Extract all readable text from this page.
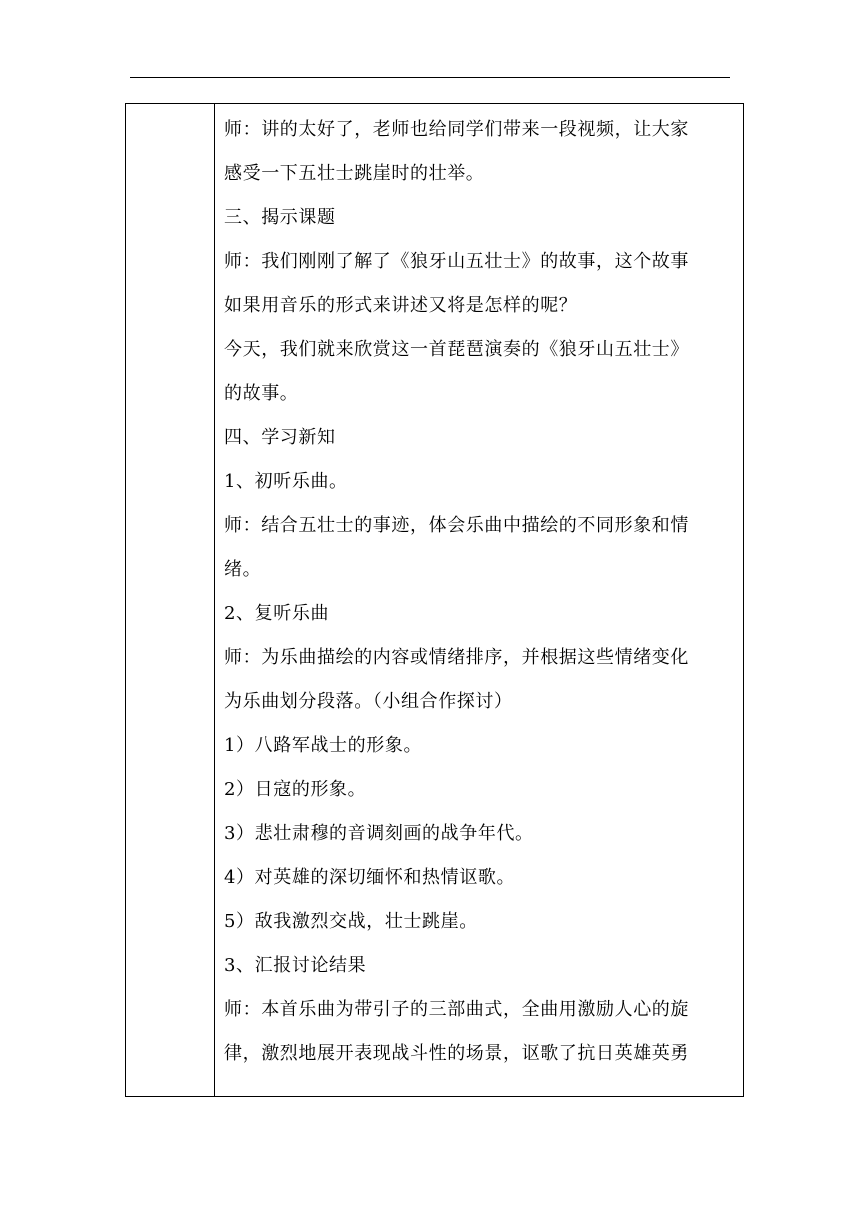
师：讲的太好了，老师也给同学们带来一段视频，让大家
感受一下五壮士跳崖时的壮举。
三、揭示课题
师：我们刚刚了解了《狼牙山五壮士》的故事，这个故事
如果用音乐的形式来讲述又将是怎样的呢？
今天，我们就来欣赏这一首琵琶演奏的《狼牙山五壮士》
的故事。
四、学习新知
1、初听乐曲。
师：结合五壮士的事迹，体会乐曲中描绘的不同形象和情
绪。
2、复听乐曲
师：为乐曲描绘的内容或情绪排序，并根据这些情绪变化
为乐曲划分段落。（小组合作探讨）
1）八路军战士的形象。
2）日寇的形象。
3）悲壮肃穆的音调刻画的战争年代。
4）对英雄的深切缅怀和热情讴歌。
5）敌我激烈交战，壮士跳崖。
3、汇报讨论结果
师：本首乐曲为带引子的三部曲式，全曲用激励人心的旋
律，激烈地展开表现战斗性的场景，讴歌了抗日英雄英勇
